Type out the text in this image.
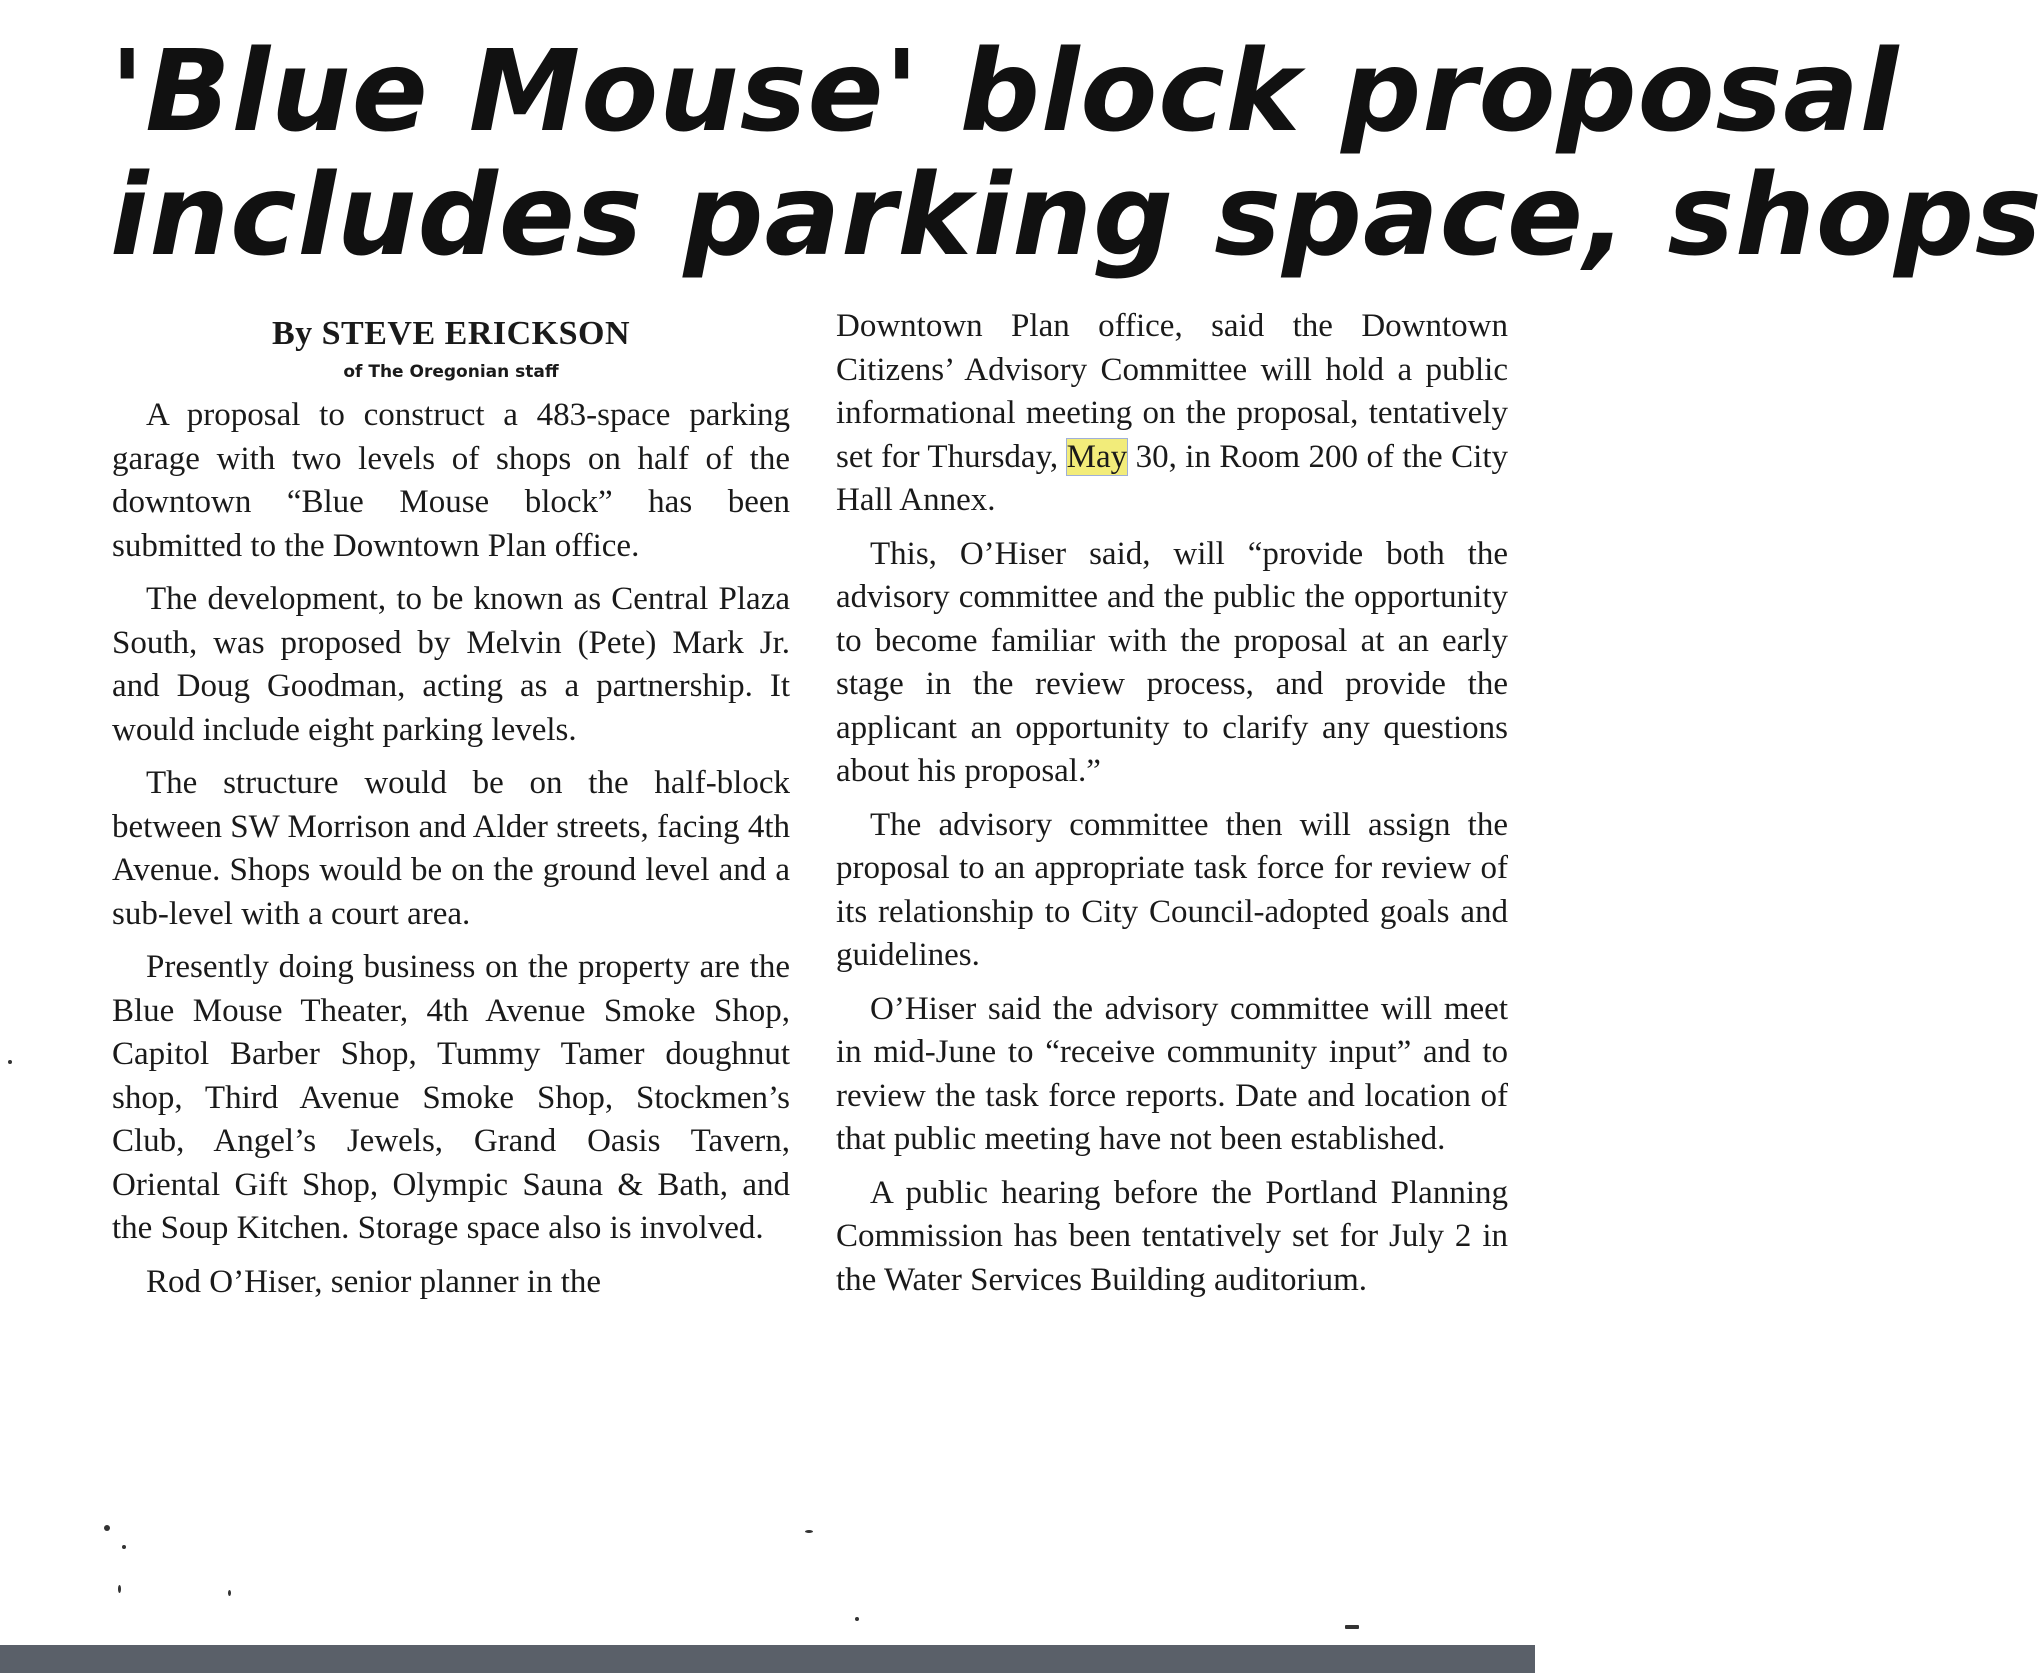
'Blue Mouse' block proposal
includes parking space, shops
By STEVE ERICKSON
of The Oregonian staff

A proposal to construct a 483-space parking garage with two levels of shops on half of the downtown “Blue Mouse block” has been submitted to the Downtown Plan office.

The development, to be known as Central Plaza South, was proposed by Melvin (Pete) Mark Jr. and Doug Goodman, acting as a partnership. It would include eight parking levels.

The structure would be on the half-block between SW Morrison and Alder streets, facing 4th Avenue. Shops would be on the ground level and a sub-level with a court area.

Presently doing business on the property are the Blue Mouse Theater, 4th Avenue Smoke Shop, Capitol Barber Shop, Tummy Tamer doughnut shop, Third Avenue Smoke Shop, Stockmen’s Club, Angel’s Jewels, Grand Oasis Tavern, Oriental Gift Shop, Olympic Sauna & Bath, and the Soup Kitchen. Storage space also is involved.

Rod O’Hiser, senior planner in the

Downtown Plan office, said the Downtown Citizens’ Advisory Committee will hold a public informational meeting on the proposal, tentatively set for Thursday, May 30, in Room 200 of the City Hall Annex.

This, O’Hiser said, will “provide both the advisory committee and the public the opportunity to become familiar with the proposal at an early stage in the review process, and provide the applicant an opportunity to clarify any questions about his proposal.”

The advisory committee then will assign the proposal to an appropriate task force for review of its relationship to City Council-adopted goals and guidelines.

O’Hiser said the advisory committee will meet in mid-June to “receive community input” and to review the task force reports. Date and location of that public meeting have not been established.

A public hearing before the Portland Planning Commission has been tentatively set for July 2 in the Water Services Building auditorium.
